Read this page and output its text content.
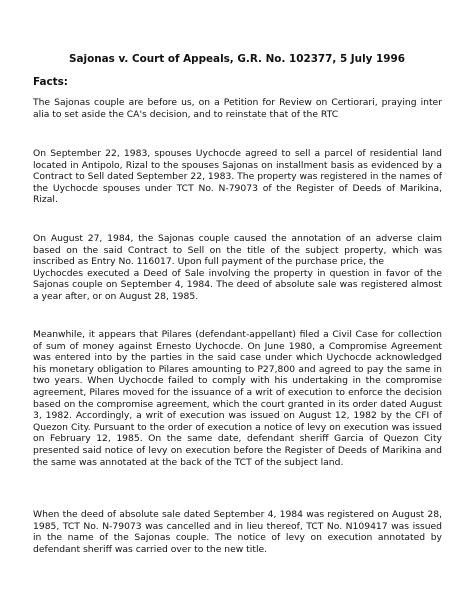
Sajonas v. Court of Appeals, G.R. No. 102377, 5 July 1996
Facts:
The Sajonas couple are before us, on a Petition for Review on Certiorari, praying inter alia to set aside the CA's decision, and to reinstate that of the RTC
On September 22, 1983, spouses Uychocde agreed to sell a parcel of residential land located in Antipolo, Rizal to the spouses Sajonas on installment basis as evidenced by a Contract to Sell dated September 22, 1983. The property was registered in the names of the Uychocde spouses under TCT No. N-79073 of the Register of Deeds of Marikina, Rizal.
On August 27, 1984, the Sajonas couple caused the annotation of an adverse claim based on the said Contract to Sell on the title of the subject property, which was inscribed as Entry No. 116017. Upon full payment of the purchase price, the
Uychocdes executed a Deed of Sale involving the property in question in favor of the Sajonas couple on September 4, 1984. The deed of absolute sale was registered almost a year after, or on August 28, 1985.
Meanwhile, it appears that Pilares (defendant-appellant) filed a Civil Case for collection of sum of money against Ernesto Uychocde. On June 1980, a Compromise Agreement was entered into by the parties in the said case under which Uychocde acknowledged his monetary obligation to Pilares amounting to P27,800 and agreed to pay the same in two years. When Uychocde failed to comply with his undertaking in the compromise agreement, Pilares moved for the issuance of a writ of execution to enforce the decision based on the compromise agreement, which the court granted in its order dated August 3, 1982. Accordingly, a writ of execution was issued on August 12, 1982 by the CFI of Quezon City. Pursuant to the order of execution a notice of levy on execution was issued on February 12, 1985. On the same date, defendant sheriff Garcia of Quezon City presented said notice of levy on execution before the Register of Deeds of Marikina and the same was annotated at the back of the TCT of the subject land.
When the deed of absolute sale dated September 4, 1984 was registered on August 28, 1985, TCT No. N-79073 was cancelled and in lieu thereof, TCT No. N109417 was issued in the name of the Sajonas couple. The notice of levy on execution annotated by defendant sheriff was carried over to the new title.
